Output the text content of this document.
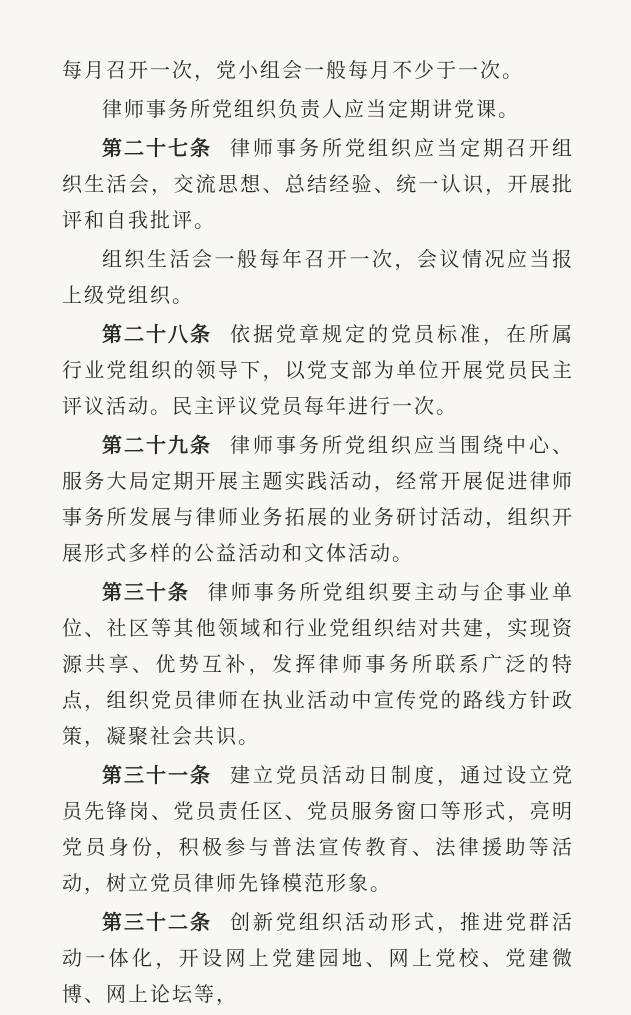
每月召开一次，党小组会一般每月不少于一次。

律师事务所党组织负责人应当定期讲党课。

第二十七条 律师事务所党组织应当定期召开组织生活会，交流思想、总结经验、统一认识，开展批评和自我批评。

组织生活会一般每年召开一次，会议情况应当报上级党组织。

第二十八条 依据党章规定的党员标准，在所属行业党组织的领导下，以党支部为单位开展党员民主评议活动。民主评议党员每年进行一次。

第二十九条 律师事务所党组织应当围绕中心、服务大局定期开展主题实践活动，经常开展促进律师事务所发展与律师业务拓展的业务研讨活动，组织开展形式多样的公益活动和文体活动。

第三十条 律师事务所党组织要主动与企事业单位、社区等其他领域和行业党组织结对共建，实现资源共享、优势互补，发挥律师事务所联系广泛的特点，组织党员律师在执业活动中宣传党的路线方针政策，凝聚社会共识。

第三十一条 建立党员活动日制度，通过设立党员先锋岗、党员责任区、党员服务窗口等形式，亮明党员身份，积极参与普法宣传教育、法律援助等活动，树立党员律师先锋模范形象。

第三十二条 创新党组织活动形式，推进党群活动一体化，开设网上党建园地、网上党校、党建微博、网上论坛等，
